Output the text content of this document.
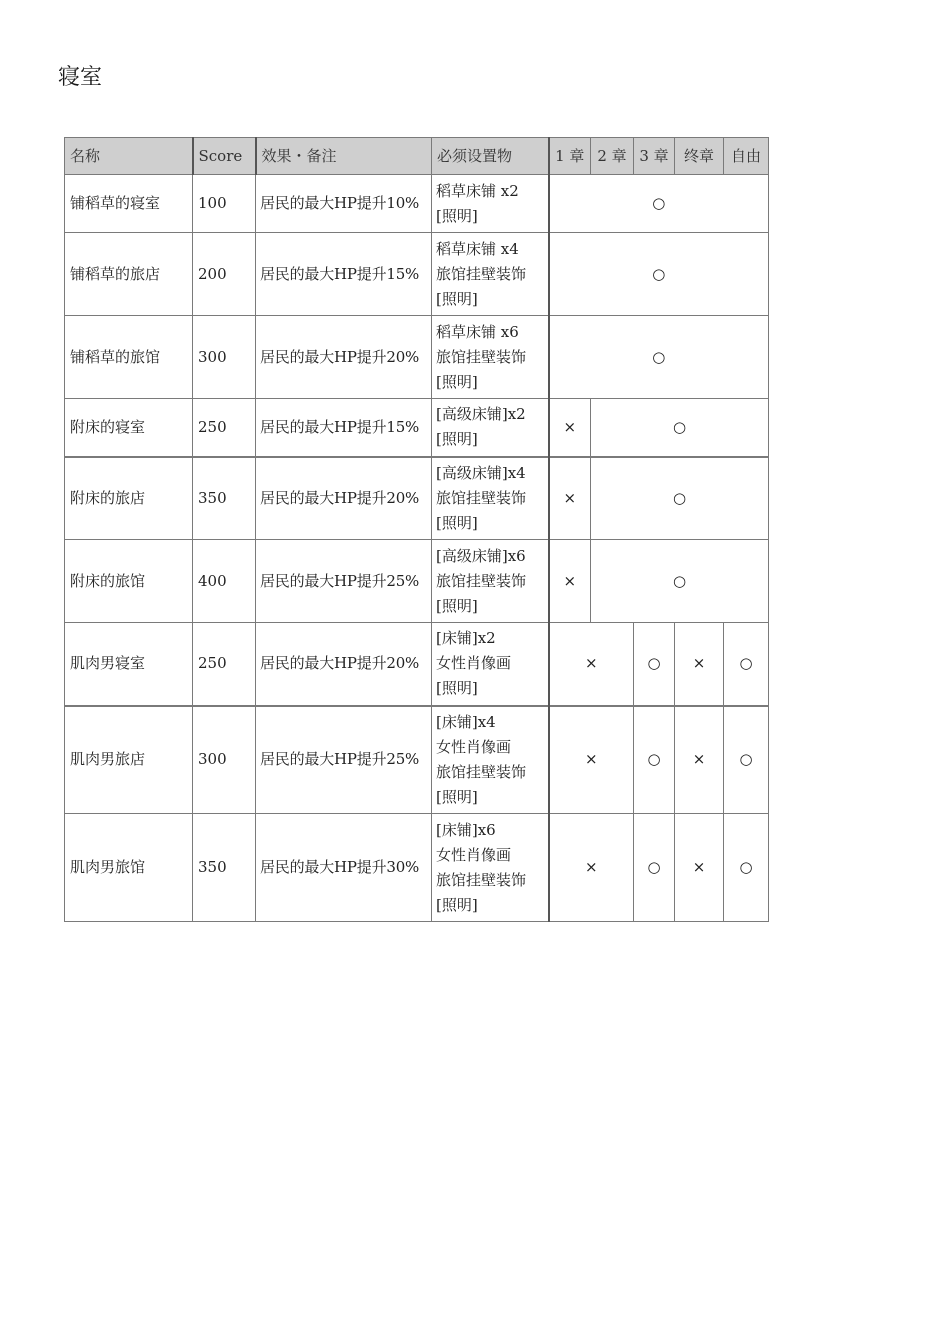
寝室
名称	Score	效果・备注	必须设置物	1 章	2 章	3 章	终章	自由
铺稻草的寝室	100	居民的最大HP提升10%	稻草床铺 x2
[照明]	○				
铺稻草的旅店	200	居民的最大HP提升15%	稻草床铺 x4
旅馆挂壁装饰
[照明]	○				
铺稻草的旅馆	300	居民的最大HP提升20%	稻草床铺 x6
旅馆挂壁装饰
[照明]	○				
附床的寝室	250	居民的最大HP提升15%	[高级床铺]x2
[照明]	×	○			
附床的旅店	350	居民的最大HP提升20%	[高级床铺]x4
旅馆挂壁装饰
[照明]	×	○			
附床的旅馆	400	居民的最大HP提升25%	[高级床铺]x6
旅馆挂壁装饰
[照明]	×	○			
肌肉男寝室	250	居民的最大HP提升20%	[床铺]x2
女性肖像画
[照明]	×		○	×	○
肌肉男旅店	300	居民的最大HP提升25%	[床铺]x4
女性肖像画
旅馆挂壁装饰
[照明]	×		○	×	○
肌肉男旅馆	350	居民的最大HP提升30%	[床铺]x6
女性肖像画
旅馆挂壁装饰
[照明]	×		○	×	○
